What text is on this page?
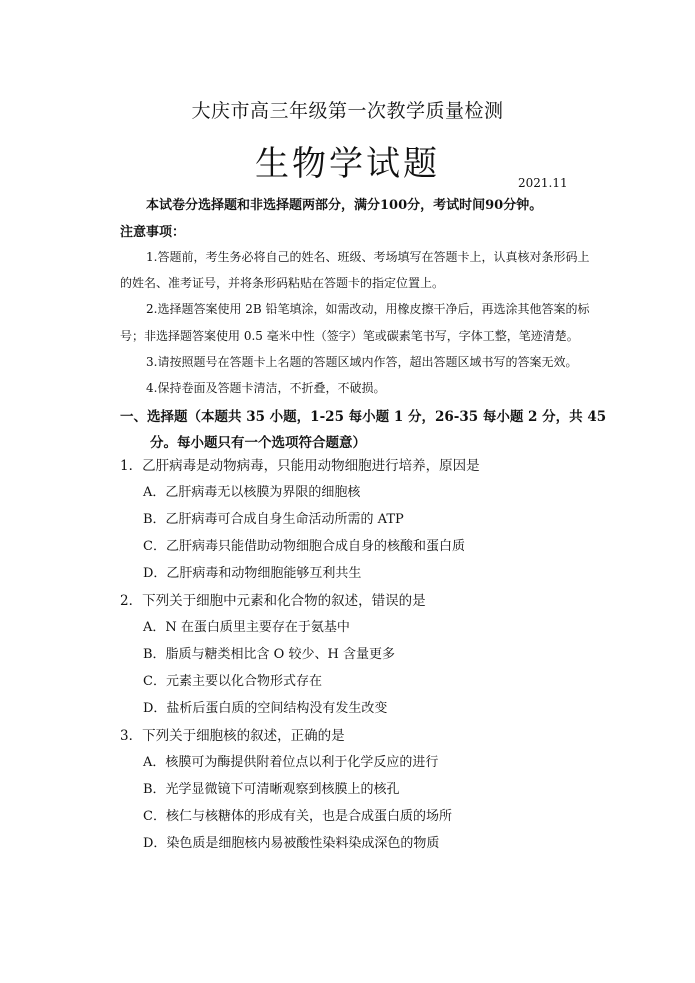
大庆市高三年级第一次教学质量检测
生物学试题	2021.11
本试卷分选择题和非选择题两部分，满分100分，考试时间90分钟。
注意事项：
1.答题前，考生务必将自己的姓名、班级、考场填写在答题卡上，认真核对条形码上
的姓名、准考证号，并将条形码粘贴在答题卡的指定位置上。
2.选择题答案使用 2B 铅笔填涂，如需改动，用橡皮擦干净后，再选涂其他答案的标
号；非选择题答案使用 0.5 毫米中性（签字）笔或碳素笔书写，字体工整，笔迹清楚。
3.请按照题号在答题卡上名题的答题区域内作答，超出答题区域书写的答案无效。
4.保持卷面及答题卡清洁，不折叠，不破损。
一、选择题（本题共 35 小题，1-25 每小题 1 分，26-35 每小题 2 分，共 45
分。每小题只有一个选项符合题意）
1．乙肝病毒是动物病毒，只能用动物细胞进行培养，原因是
A．乙肝病毒无以核膜为界限的细胞核
B．乙肝病毒可合成自身生命活动所需的 ATP
C．乙肝病毒只能借助动物细胞合成自身的核酸和蛋白质
D．乙肝病毒和动物细胞能够互利共生
2．下列关于细胞中元素和化合物的叙述，错误的是
A．N 在蛋白质里主要存在于氨基中
B．脂质与糖类相比含 O 较少、H 含量更多
C．元素主要以化合物形式存在
D．盐析后蛋白质的空间结构没有发生改变
3．下列关于细胞核的叙述，正确的是
A．核膜可为酶提供附着位点以利于化学反应的进行
B．光学显微镜下可清晰观察到核膜上的核孔
C．核仁与核糖体的形成有关，也是合成蛋白质的场所
D．染色质是细胞核内易被酸性染料染成深色的物质
